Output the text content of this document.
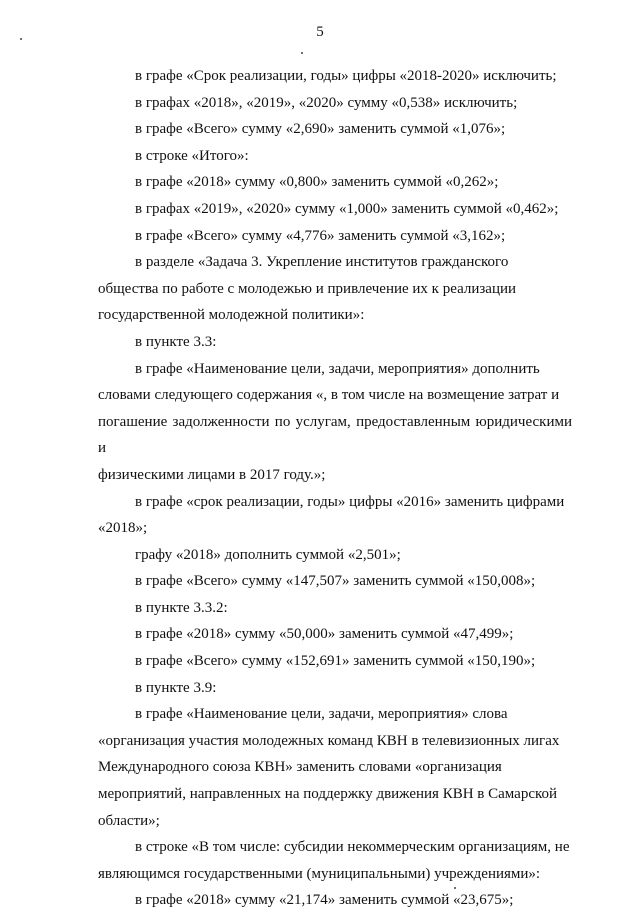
5

в графе «Срок реализации, годы» цифры «2018-2020» исключить;

в графах «2018», «2019», «2020» сумму «0,538» исключить;

в графе «Всего» сумму «2,690» заменить суммой «1,076»;

в строке «Итого»:

в графе «2018» сумму «0,800» заменить суммой «0,262»;

в графах «2019», «2020» сумму «1,000» заменить суммой «0,462»;

в графе «Всего» сумму «4,776» заменить суммой «3,162»;

в разделе «Задача 3. Укрепление институтов гражданского
общества по работе с молодежью и привлечение их к реализации
государственной молодежной политики»:

в пункте 3.3:

в графе «Наименование цели, задачи, мероприятия» дополнить
словами следующего содержания «, в том числе на возмещение затрат и
погашение задолженности по услугам, предоставленным юридическими и
физическими лицами в 2017 году.»;
в графе «срок реализации, годы» цифры «2016» заменить цифрами
«2018»;

графу «2018» дополнить суммой «2,501»;

в графе «Всего» сумму «147,507» заменить суммой «150,008»;

в пункте 3.3.2:

в графе «2018» сумму «50,000» заменить суммой «47,499»;

в графе «Всего» сумму «152,691» заменить суммой «150,190»;

в пункте 3.9:

в графе «Наименование цели, задачи, мероприятия» слова
«организация участия молодежных команд КВН в телевизионных лигах
Международного союза КВН» заменить словами «организация
мероприятий, направленных на поддержку движения КВН в Самарской
области»;
в строке «В том числе: субсидии некоммерческим организациям, не
являющимся государственными (муниципальными) учреждениями»:

в графе «2018» сумму «21,174» заменить суммой «23,675»;
